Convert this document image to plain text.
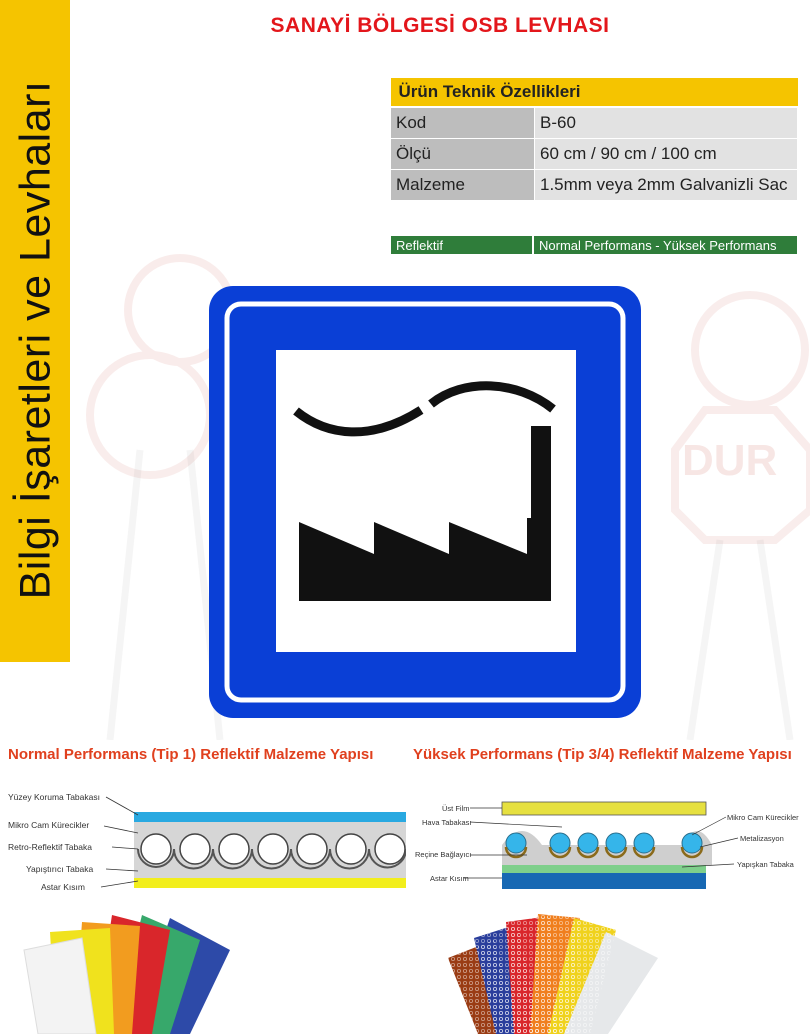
Bilgi İşaretleri ve Levhaları
SANAYİ BÖLGESİ OSB LEVHASI
Ürün Teknik Özellikleri	
Kod	B-60
Ölçü	60 cm / 90 cm / 100 cm
Malzeme	1.5mm veya 2mm Galvanizli Sac
Reflektif	Normal Performans - Yüksek Performans
DUR
Normal Performans (Tip 1) Reflektif Malzeme Yapısı	Yüksek Performans (Tip 3/4) Reflektif Malzeme Yapısı
Yüzey Koruma Tabakası
Mikro Cam Kürecikler
Retro-Reflektif Tabaka
Yapıştırıcı Tabaka
Astar Kısım
Üst Film
Hava Tabakası
Reçine Bağlayıcı
Astar Kısım
Mikro Cam Kürecikler
Metalizasyon
Yapışkan Tabaka
